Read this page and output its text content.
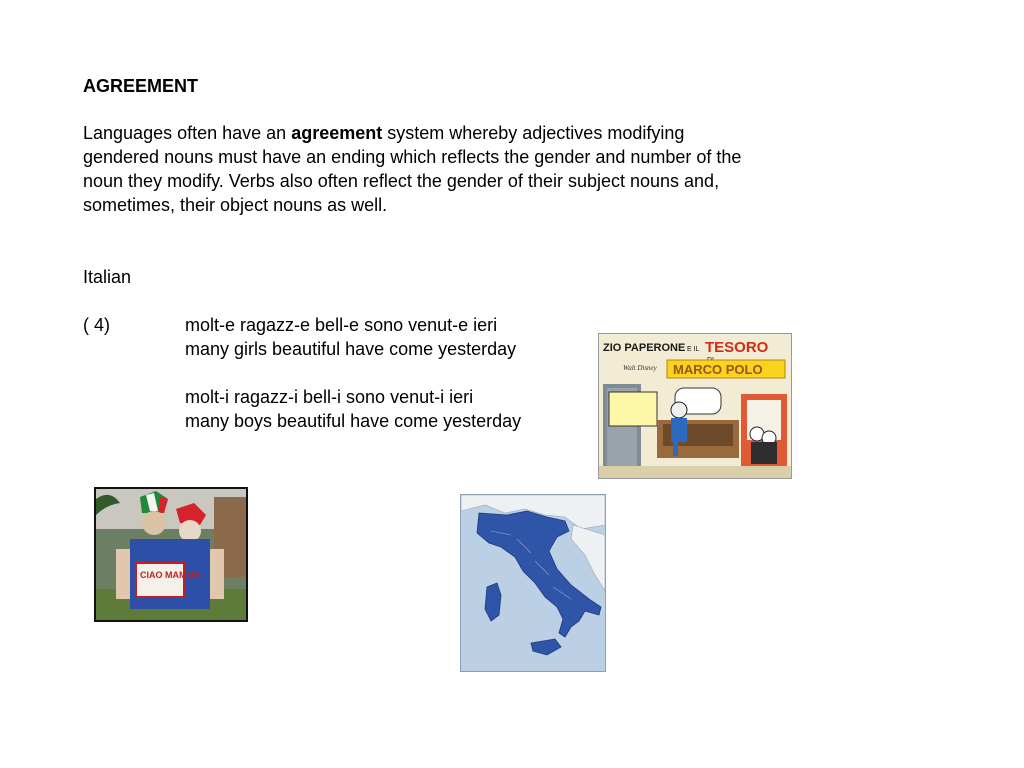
AGREEMENT
Languages often have an agreement system whereby adjectives modifying gendered nouns must have an ending which reflects the gender and number of the noun they modify. Verbs also often reflect the gender of their subject nouns and, sometimes, their object nouns as well.
Italian
( 4)	molt-e ragazz-e bell-e sono venut-e ieri
many girls beautiful have come yesterday
molt-i ragazz-i bell-i sono venut-i ieri
many boys beautiful have come yesterday
ZIO PAPERONE E IL TESORO
Walt Disney MARCO POLO
CIAO MAMMA
